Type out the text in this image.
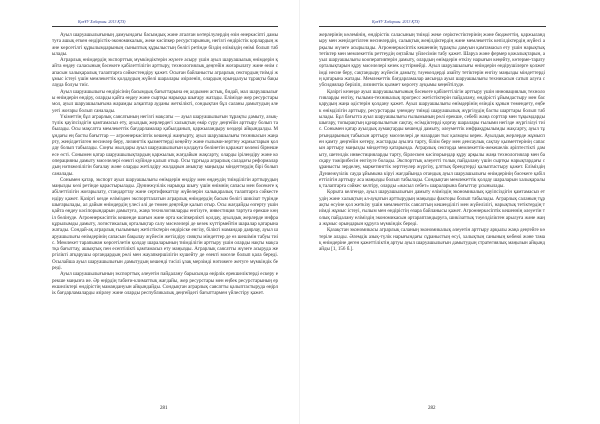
ҚазҰУ Хабаршы. 2013 ҚТЗ)

Ауыл шаруашылығының дамуындағы басымдық және аталған көтерілулердің өзін өнеркәсіпті дамытуға ашық еткен өндірістік-экономикалық, жеке кәсіпкер ресурстарының, негізгі өндірістік қорлардың және көрсетілгі құрылымдарының сыныптық құрылыстың бөлігі ретінде біздің еліміздің өнімі болып табылады.

Аграрлық өнімдердің экспорттық мүмкіндіктерін жүзеге асыру үшін ауыл шаруашылық өнімдерін қайта өңдеу саласының бәсекеге қабілеттілігін арттыру, технологиялық деңгейін жоғарылату және өнім сапасын халықаралық талаптарға сәйкестендіру қажет. Осыған байланысты аграрлық сектордың тиімді жұмыс істеуі үшін мемлекеттік қолдаудың жүйелі шаралары әзірленіп, олардың орындалуы тұрақты бақылауда болуы тиіс.

Ауыл шаруашылығы өндірісінің басымдық бағыттарына ең алдымен астық, бидай, мал шаруашылығы өнімдерін өндіру, оларды қайта өңдеу және сыртқы нарыққа шығару жатады. Елімізде жер ресурстары мол, ауыл шаруашылығына жарамды алқаптар ауданы жеткілікті, сондықтан бұл саланы дамытудың әлеуеті жоғары болып саналады.

Үкіметтің бұл аграрлық саясатының негізгі мақсаты — ауыл шаруашылығын тұрақты дамыту, азық-түлік қауіпсіздігін қамтамасыз ету, ауылдық жерлердегі халықтың өмір сүру деңгейін арттыру болып табылады. Осы мақсатта мемлекеттік бағдарламалар қабылданып, қаржыландыру көздері айқындалды. Мұндағы ең басты бағыттар — агроөнеркәсіптік кешенді жаңғырту, ауыл шаруашылығы техникасын жаңарту, жеңілдетілген несиелер беру, лизингтік қызметтерді кеңейту және ғылыми-зерттеу жұмыстарын қолдау болып табылады. Соңғы жылдары ауыл шаруашылығын қолдауға бөлінетін қаражат көлемі бірнеше есе өсті. Сонымен қатар шаруашылықтардың қаржылық жағдайын жақсарту, оларды ірілендіру және кооперацияны дамыту мәселелері өзекті күйінде қалып отыр. Осы тұрғыда аграрлық саладағы реформалардың нәтижелілігін бағалау және оларды жетілдіру жолдарын анықтау маңызды міндеттердің бірі болып саналады.

Сонымен қатар, экспорт ауыл шаруашылығы өнімдерін өндіру мен өңдеудің тиімділігін арттырудың маңызды көзі ретінде қарастырылады. Дүниежүзілік нарыққа шығу үшін өнімнің сапасы мен бәсекеге қабілеттілігін жоғарылату, стандарттау және сертификаттау жүйелерін халықаралық талаптарға сәйкестендіру қажет. Қазіргі кезде елімізден экспортталатын аграрлық өнімдердің басым бөлігі шикізат түрінде шығарылады, ал дайын өнімдердің үлесі әлі де төмен деңгейде қалып отыр. Осы жағдайды өзгерту үшін қайта өңдеу кәсіпорындарын дамытуға, жаңа технологияларды енгізуге, инвестиция тартуға ерекше көңіл бөлінуде. Агроөнеркәсіптік кешенде шағын және орта кәсіпкерлікті қолдау, ауылдық жерлерде инфрақұрылымды дамыту, логистикалық орталықтар салу мәселелері де кезек күттірмейтін шаралар қатарына жатады. Сондай-ақ аграрлық ғылымның жетістіктерін өндіріске енгізу, білікті мамандар даярлау, ауыл шаруашылығы өнімдерінің сапасын бақылау жүйесін жетілдіру сияқты міндеттер де өз шешімін табуы тиіс. Мемлекет тарапынан көрсетілетін қолдау шараларының тиімділігін арттыру үшін оларды нақты мақсатқа бағыттау, ашықтық пен есептілікті қамтамасыз ету маңызды. Аграрлық саясатты жүзеге асыруда жергілікті атқарушы органдардың рөлі мен жауапкершілігін күшейту де өзекті мәселе болып қала береді. Осылайша ауыл шаруашылығын дамытудың кешенді тәсілі ұзақ мерзімді нәтижеге жетуге мүмкіндік береді.

Ауыл шаруашылығының экспорттық әлеуетін пайдалану барысында өңірлік ерекшеліктерді ескеру ерекше маңызға ие. Әр өңірдің табиғи-климаттық жағдайы, жер ресурстары мен еңбек ресурстарының ерекшеліктері өндірістің мамандануын айқындайды. Сондықтан аграрлық саясатты қалыптастыруда өңірлік бағдарламаларды әзірлеу және оларды республикалық деңгейдегі бағыттармен үйлестіру қажет.

281
ҚазҰУ Хабаршы. 2013 ҚТЗ)

жерлерінің көлемінің, өндірістік саласының тиімді жеке серіктестіктерінің және бюджеттің, қаржыландыру мен жеңілдетілген несиелердің, салықтық жеңілдіктердің және мемлекеттік кепілдіктердің жүйесі арқылы жүзеге асырылады. Агроөнеркәсіптік кешеннің тұрақты дамуын қамтамасыз ету үшін нарықтық тетіктер мен мемлекеттік реттеудің оңтайлы үйлесімін табу қажет. Шаруа және фермер қожалықтарын, ауыл шаруашылығы кооперативтерін дамыту, олардың өнімдерін өткізу нарығын кеңейту, көтерме-тарату орталықтарын құру мәселелері кезек күттірмейді. Ауыл шаруашылығы өнімдерін өндірушілерге қолжетімді несие беру, сақтандыру жүйесін дамыту, тәуекелдерді азайту тетіктерін енгізу маңызды міндеттердің қатарына жатады. Мемлекеттік бағдарламалар аясында ауыл шаруашылығы техникасын сатып алуға субсидиялар беріліп, лизингтік қызмет көрсету ауқымы кеңейтілуде.

Қазіргі кезеңде ауыл шаруашылығының бәсекеге қабілеттілігін арттыру үшін инновациялық технологияларды енгізу, ғылыми-техникалық прогресс жетістіктерін пайдалану, өндірісті ұйымдастыру мен басқарудың жаңа әдістерін қолдану қажет. Ауыл шаруашылығы өнімдерінің өзіндік құнын төмендету, еңбек өнімділігін арттыру, ресурстарды үнемдеу тиімді шаруашылық жүргізудің басты шарттары болып табылады. Бұл бағытта ауыл шаруашылығы ғылымының рөлі ерекше, себебі жаңа сорттар мен тұқымдарды шығару, топырақтың құнарлылығын сақтау, өсімдіктерді қорғау шаралары ғылыми негізде жүргізілуі тиіс. Сонымен қатар ауылдық аумақтарды кешенді дамыту, әлеуметтік инфрақұрылымды жақсарту, ауыл тұрғындарының табысын арттыру мәселелері де назардан тыс қалмауы керек. Ауылдық жерлерде жұмыспен қамту деңгейін көтеру, жастарды ауылға тарту, білім беру мен денсаулық сақтау қызметтерінің сапасын арттыру маңызды міндеттер қатарында. Аграрлық секторда мемлекеттік-жекешелік әріптестікті дамыту, шетелдік инвестицияларды тарту, бірлескен кәсіпорындар құру арқылы жаңа технологиялар мен басқару тәжірибесін енгізуге болады. Экспорттық әлеуетті толық пайдалану үшін сыртқы нарықтардағы сұранысты зерделеу, маркетингтік зерттеулер жүргізу, ұлттық брендтерді қалыптастыру қажет. Еліміздің Дүниежүзілік сауда ұйымына кіруі жағдайында отандық ауыл шаруашылығы өнімдерінің бәсекеге қабілеттілігін арттыру аса маңызды болып табылады. Сондықтан мемлекеттік қолдау шараларын халықаралық талаптарға сәйкес келтіру, оларды «жасыл себет» шараларына бағыттау ұсынылады.

Қорыта келгенде, ауыл шаруашылығын дамыту еліміздің экономикалық қауіпсіздігін қамтамасыз етудің және халықтың әл-ауқатын арттырудың маңызды факторы болып табылады. Аграрлық саланың тұрақты өсуіне қол жеткізу үшін мемлекеттік саясаттың кешенділігі мен жүйелілігі, нарықтық тетіктердің тиімді жұмыс істеуі, ғылым мен өндірістің өзара байланысы қажет. Агроөнеркәсіптік кешеннің әлеуетін толық пайдалану еліміздің экономикасын әртараптандыруға, шикізаттық тәуелділіктен арылуға және жаңа жұмыс орындарын құруға мүмкіндік береді.

Қазақстан экономикасы аграрлық саланың экономикалық әлеуетін арттыру арқылы жаңа деңгейге көтеріле алады. Әлемдік азық-түлік нарығындағы сұраныстың өсуі, халықтың санының көбеюі және тамақ өнімдеріне деген қажеттіліктің артуы ауыл шаруашылығын дамытудың стратегиялық маңызын айқындайды [1, 156 б.].

282
